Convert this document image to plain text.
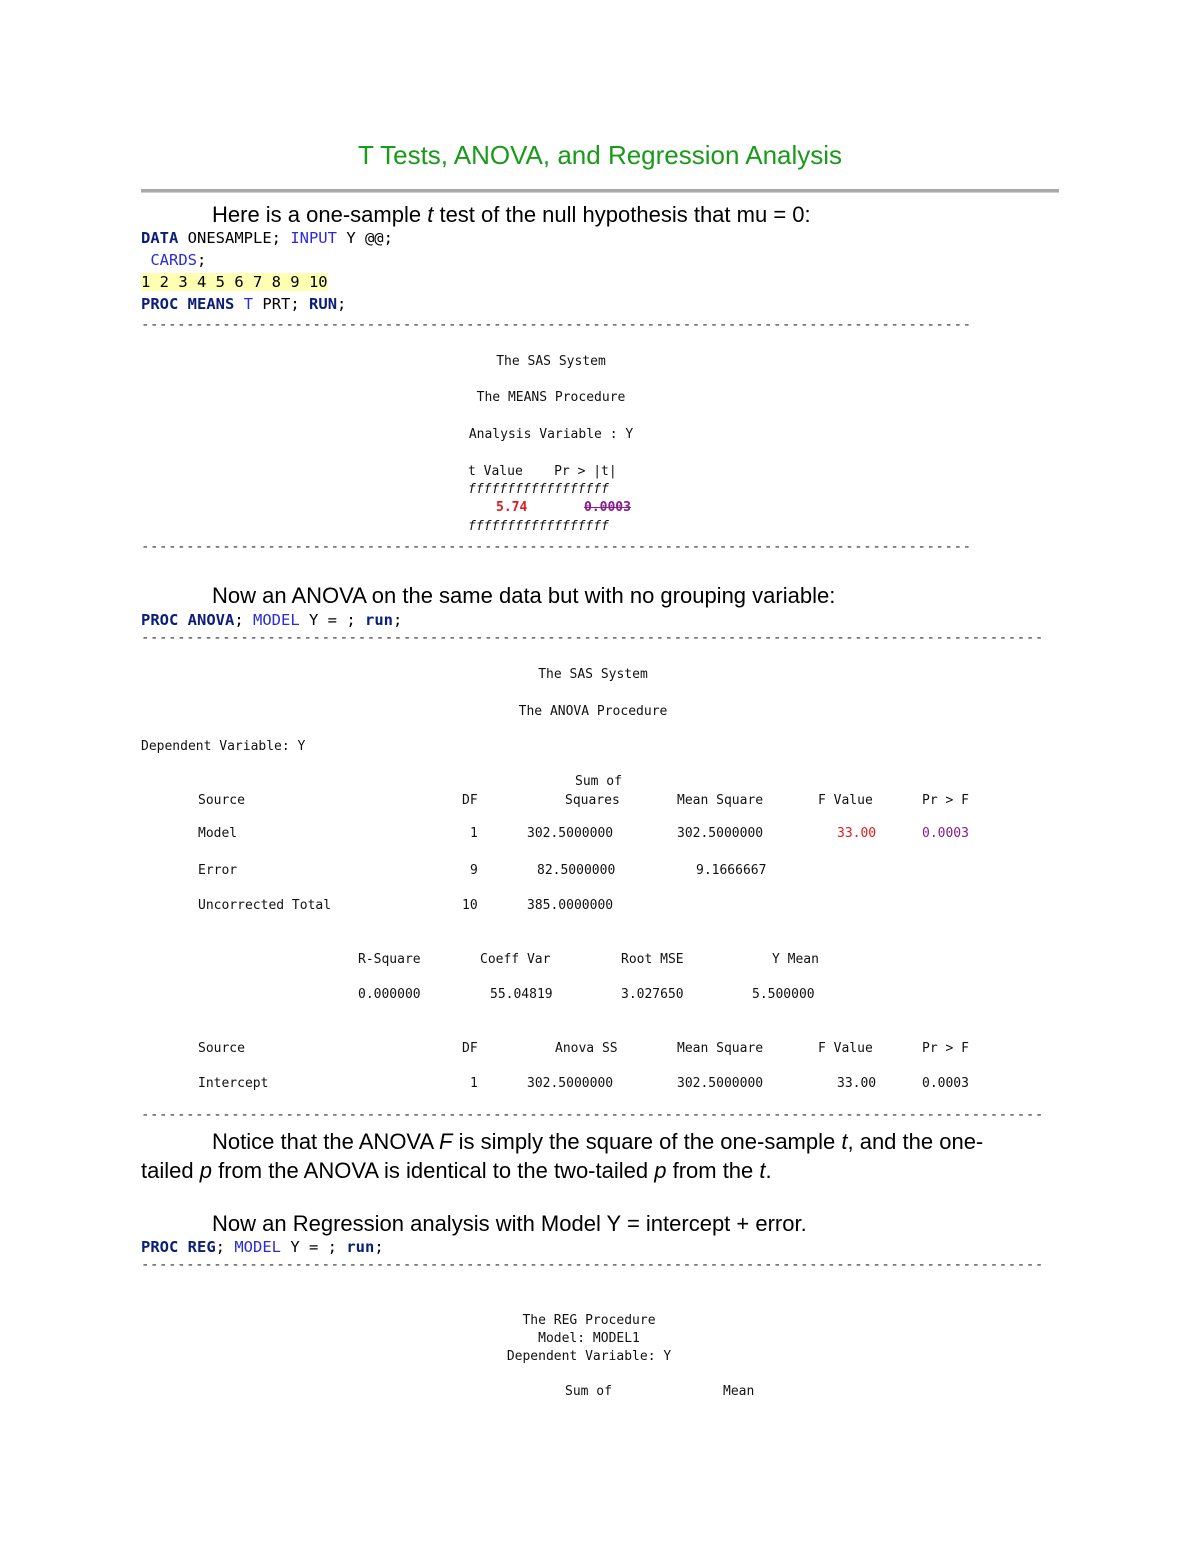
T Tests, ANOVA, and Regression Analysis
Here is a one-sample t test of the null hypothesis that mu = 0:
DATA ONESAMPLE; INPUT Y @@;
CARDS;
1 2 3 4 5 6 7 8 9 10
PROC MEANS T PRT; RUN;
--------------------------------------------------------------------------------------------
The SAS System
The MEANS Procedure
Analysis Variable : Y
t Value    Pr > |t|
ffffffffffffffffff
5.74	0.0003
ffffffffffffffffff
--------------------------------------------------------------------------------------------
Now an ANOVA on the same data but with no grouping variable:
PROC ANOVA; MODEL Y = ; run;
----------------------------------------------------------------------------------------------------
The SAS System
The ANOVA Procedure
Dependent Variable: Y
Sum of
Source	DF	Squares	Mean Square	F Value	Pr > F
Model	1	302.5000000	302.5000000	33.00	0.0003
Error	9	82.5000000	9.1666667
Uncorrected Total	10	385.0000000
R-Square	Coeff Var	Root MSE	Y Mean
0.000000	55.04819	3.027650	5.500000
Source	DF	Anova SS	Mean Square	F Value	Pr > F
Intercept	1	302.5000000	302.5000000	33.00	0.0003
----------------------------------------------------------------------------------------------------
Notice that the ANOVA F is simply the square of the one-sample t, and the one-
tailed p from the ANOVA is identical to the two-tailed p from the t.
Now an Regression analysis with Model Y = intercept + error.
PROC REG; MODEL Y = ; run;
----------------------------------------------------------------------------------------------------
The REG Procedure
Model: MODEL1
Dependent Variable: Y
Sum of	Mean
